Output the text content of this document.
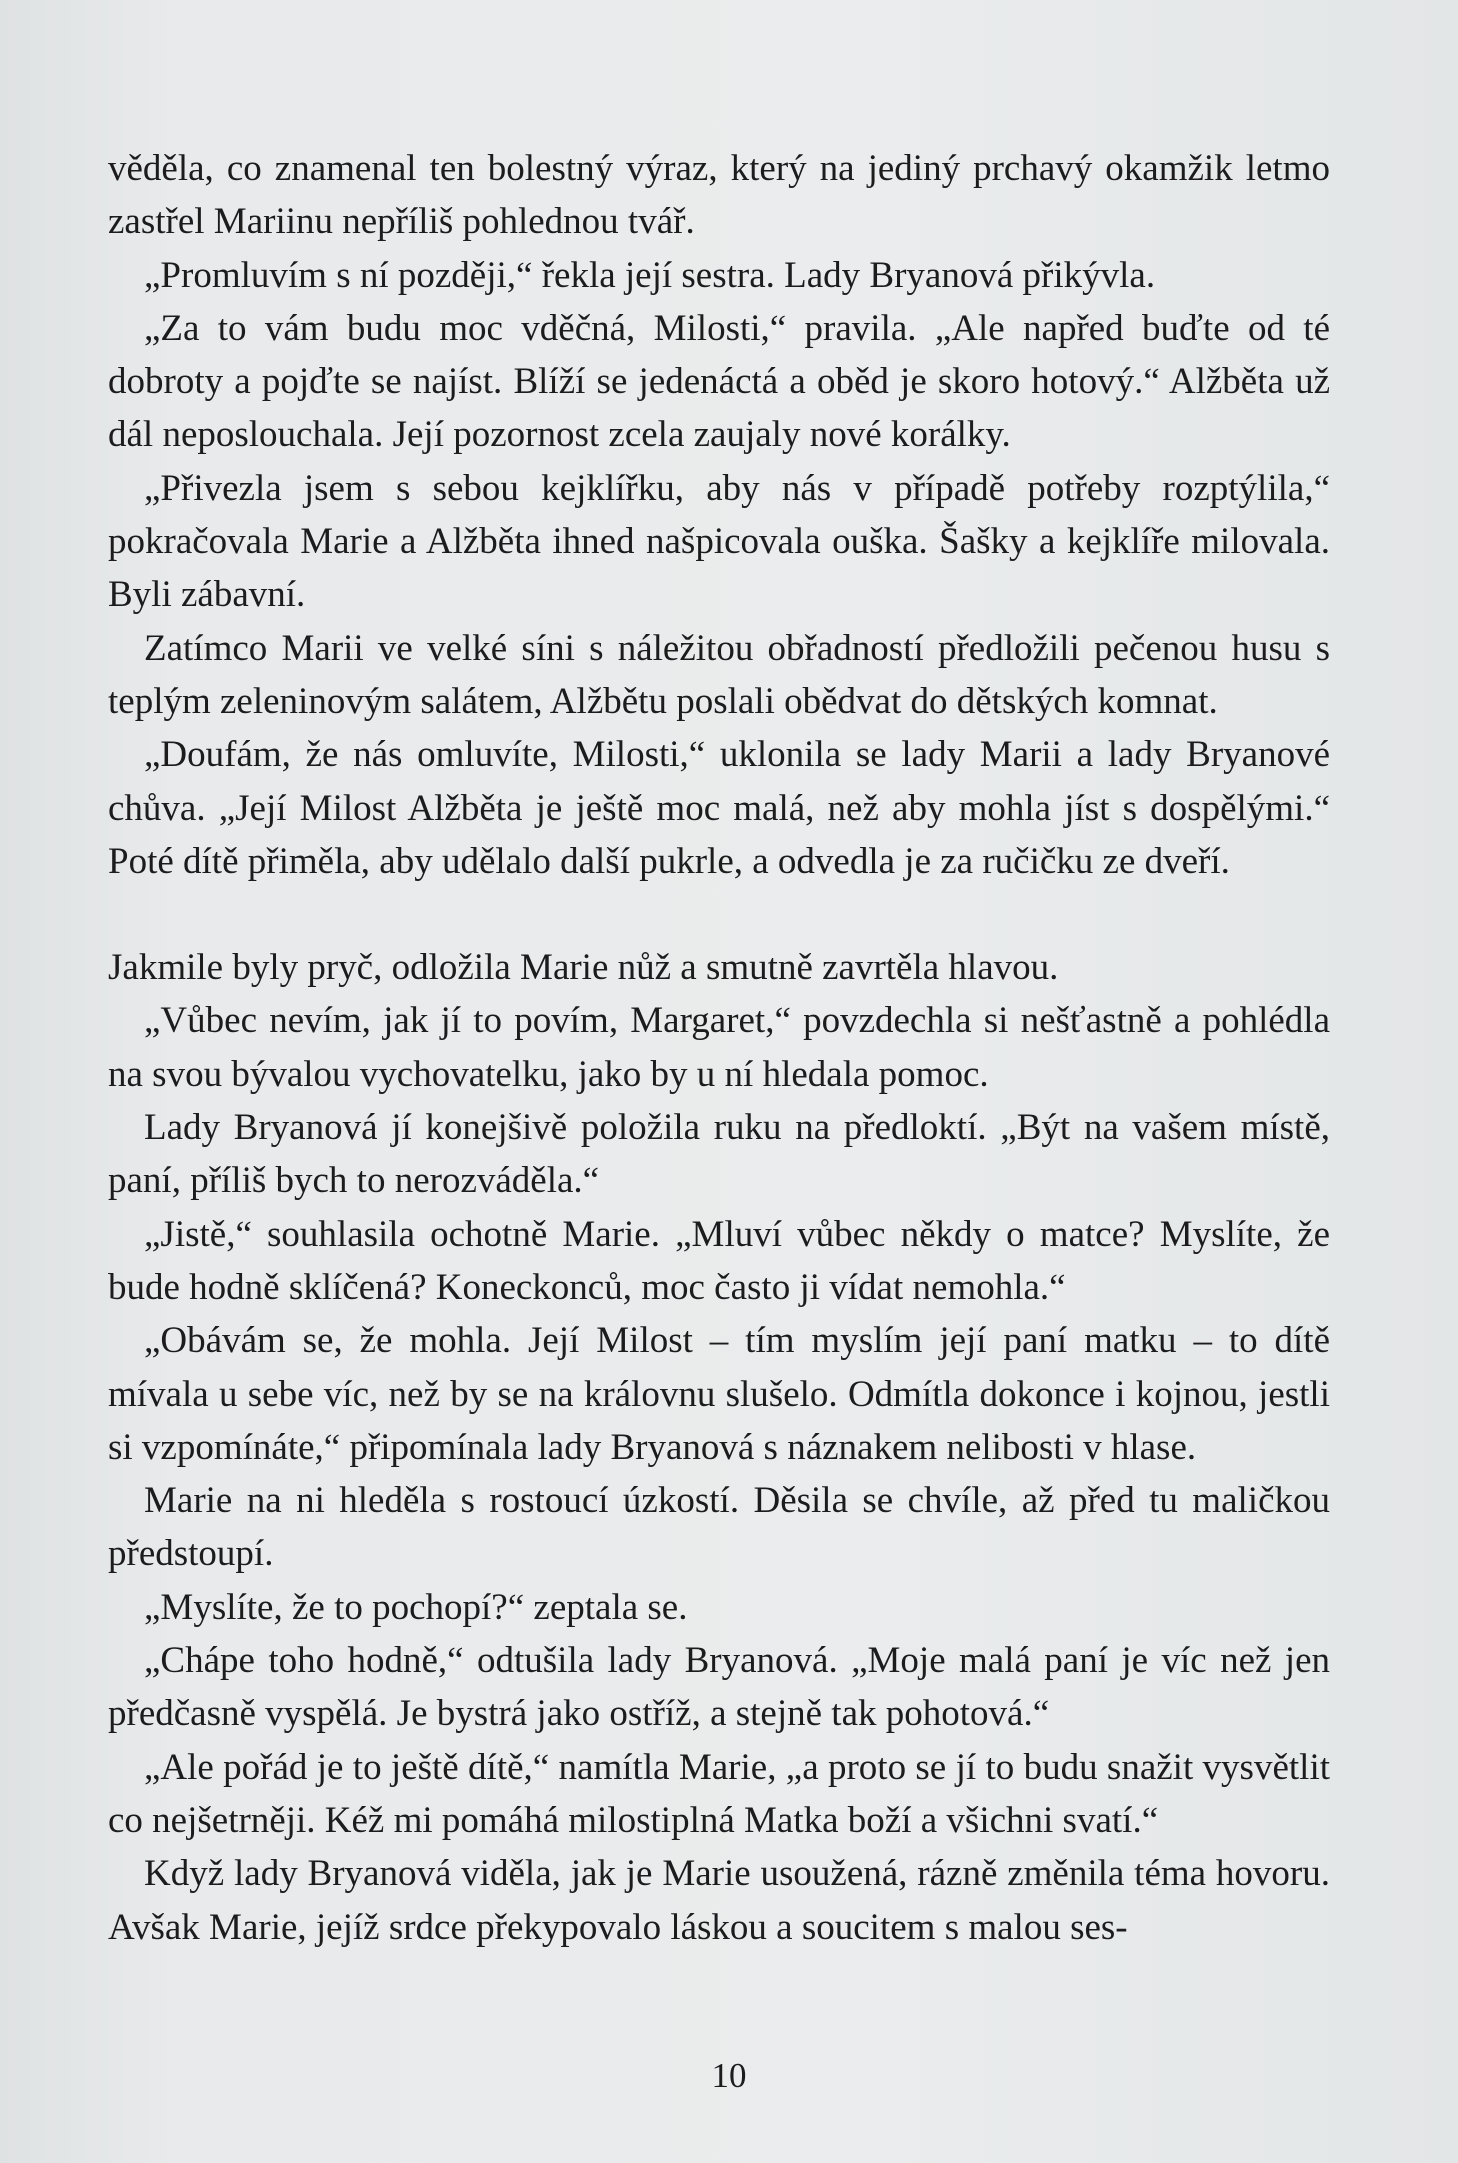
věděla, co znamenal ten bolestný výraz, který na jediný prchavý okamžik letmo zastřel Mariinu nepříliš pohlednou tvář.

„Promluvím s ní později,“ řekla její sestra. Lady Bryanová přikývla.

„Za to vám budu moc vděčná, Milosti,“ pravila. „Ale napřed buďte od té dobroty a pojďte se najíst. Blíží se jedenáctá a oběd je skoro hotový.“ Alžběta už dál neposlouchala. Její pozornost zcela zaujaly nové korálky.

„Přivezla jsem s sebou kejklířku, aby nás v případě potřeby rozptýlila,“ pokračovala Marie a Alžběta ihned našpicovala ouška. Šašky a kejklíře milovala. Byli zábavní.

Zatímco Marii ve velké síni s náležitou obřadností předložili pečenou husu s teplým zeleninovým salátem, Alžbětu poslali obědvat do dětských komnat.

„Doufám, že nás omluvíte, Milosti,“ uklonila se lady Marii a lady Bryanové chůva. „Její Milost Alžběta je ještě moc malá, než aby mohla jíst s dospělými.“ Poté dítě přiměla, aby udělalo další pukrle, a odvedla je za ručičku ze dveří.

Jakmile byly pryč, odložila Marie nůž a smutně zavrtěla hlavou.

„Vůbec nevím, jak jí to povím, Margaret,“ povzdechla si nešťastně a pohlédla na svou bývalou vychovatelku, jako by u ní hledala pomoc.

Lady Bryanová jí konejšivě položila ruku na předloktí. „Být na vašem místě, paní, příliš bych to nerozváděla.“

„Jistě,“ souhlasila ochotně Marie. „Mluví vůbec někdy o matce? Myslíte, že bude hodně sklíčená? Koneckonců, moc často ji vídat nemohla.“

„Obávám se, že mohla. Její Milost – tím myslím její paní matku – to dítě mívala u sebe víc, než by se na královnu slušelo. Odmítla dokonce i kojnou, jestli si vzpomínáte,“ připomínala lady Bryanová s náznakem nelibosti v hlase.

Marie na ni hleděla s rostoucí úzkostí. Děsila se chvíle, až před tu maličkou předstoupí.

„Myslíte, že to pochopí?“ zeptala se.

„Chápe toho hodně,“ odtušila lady Bryanová. „Moje malá paní je víc než jen předčasně vyspělá. Je bystrá jako ostříž, a stejně tak pohotová.“

„Ale pořád je to ještě dítě,“ namítla Marie, „a proto se jí to budu snažit vysvětlit co nejšetrněji. Kéž mi pomáhá milostiplná Matka boží a všichni svatí.“

Když lady Bryanová viděla, jak je Marie usoužená, rázně změnila téma hovoru. Avšak Marie, jejíž srdce překypovalo láskou a soucitem s malou ses-

10
